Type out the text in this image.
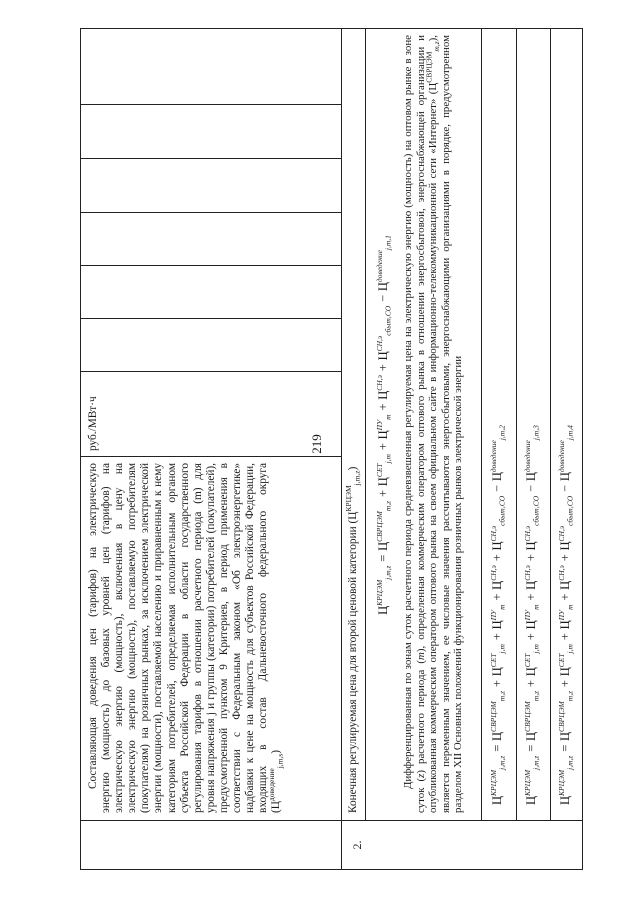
219
Составляющая доведения цен (тарифов) на электрическую энергию (мощность) до базовых уровней цен (тарифов) на электрическую энергию (мощность), включенная в цену на электрическую энергию (мощность), поставляемую потребителям (покупателям) на розничных рынках, за исключением электрической энергии (мощности), поставляемой населению и приравненным к нему категориям потребителей, определяемая исполнительным органом субъекта Российской Федерации в области государственного регулирования тарифов в отношении расчетного периода (m) для уровня напряжения j и группы (категории) потребителей (покупателей), предусмотренной пунктом 9 Критериев, в период применения в соответствии с Федеральным законом «Об электроэнергетике» надбавки к цене на мощность для субъектов Российской Федерации, входящих в состав Дальневосточного федерального округа $(Ц^{доведение}_{j,m,s})$
руб./МВт·ч
2.
Конечная регулируемая цена для второй ценовой категории $(Ц^{КРЦЭМ}_{j,m,z})$
$Ц^{КРЦЭМ}_{j,m,z} = Ц^{СВРЦЭМ}_{m,z} + Ц^{СЕТ}_{j,m} + Ц^{ПУ}_m + Ц^{СН,э} + Ц^{СН,э}_{сбыт,СО} - Ц^{доведение}_{j,m,1}$ Дифференцированная по зонам суток расчетного периода средневзвешенная регулируемая цена на электрическую энергию (мощность) на оптовом рынке в зоне суток (z) расчетного периода (m), определенная коммерческим оператором оптового рынка в отношении энергосбытовой, энергоснабжающей организации и опубликованная коммерческим оператором оптового рынка на своем официальном сайте в информационно-телекоммуникационной сети «Интернет» $(Ц^{СВРЦЭМ}_{m,z})$, является переменным значением, ее числовые значения рассчитываются энергосбытовыми, энергоснабжающими организациями в порядке, предусмотренном разделом XII Основных положений функционирования розничных рынков электрической энергии $Ц^{КРЦЭМ}_{j,m,z} = Ц^{СВРЦЭМ}_{m,z} + Ц^{СЕТ}_{j,m} + Ц^{ПУ}_m + Ц^{СН,э} + Ц^{СН,э}_{сбыт,СО} - Ц^{доведение}_{j,m,2}$
$Ц^{КРЦЭМ}_{j,m,z} = Ц^{СВРЦЭМ}_{m,z} + Ц^{СЕТ}_{j,m} + Ц^{ПУ}_m + Ц^{СН,э} + Ц^{СН,э}_{сбыт,СО} - Ц^{доведение}_{j,m,3}$
$Ц^{КРЦЭМ}_{j,m,z} = Ц^{СВРЦЭМ}_{m,z} + Ц^{СЕТ}_{j,m} + Ц^{ПУ}_m + Ц^{СН,э} + Ц^{СН,э}_{сбыт,СО} - Ц^{доведение}_{j,m,4}$
